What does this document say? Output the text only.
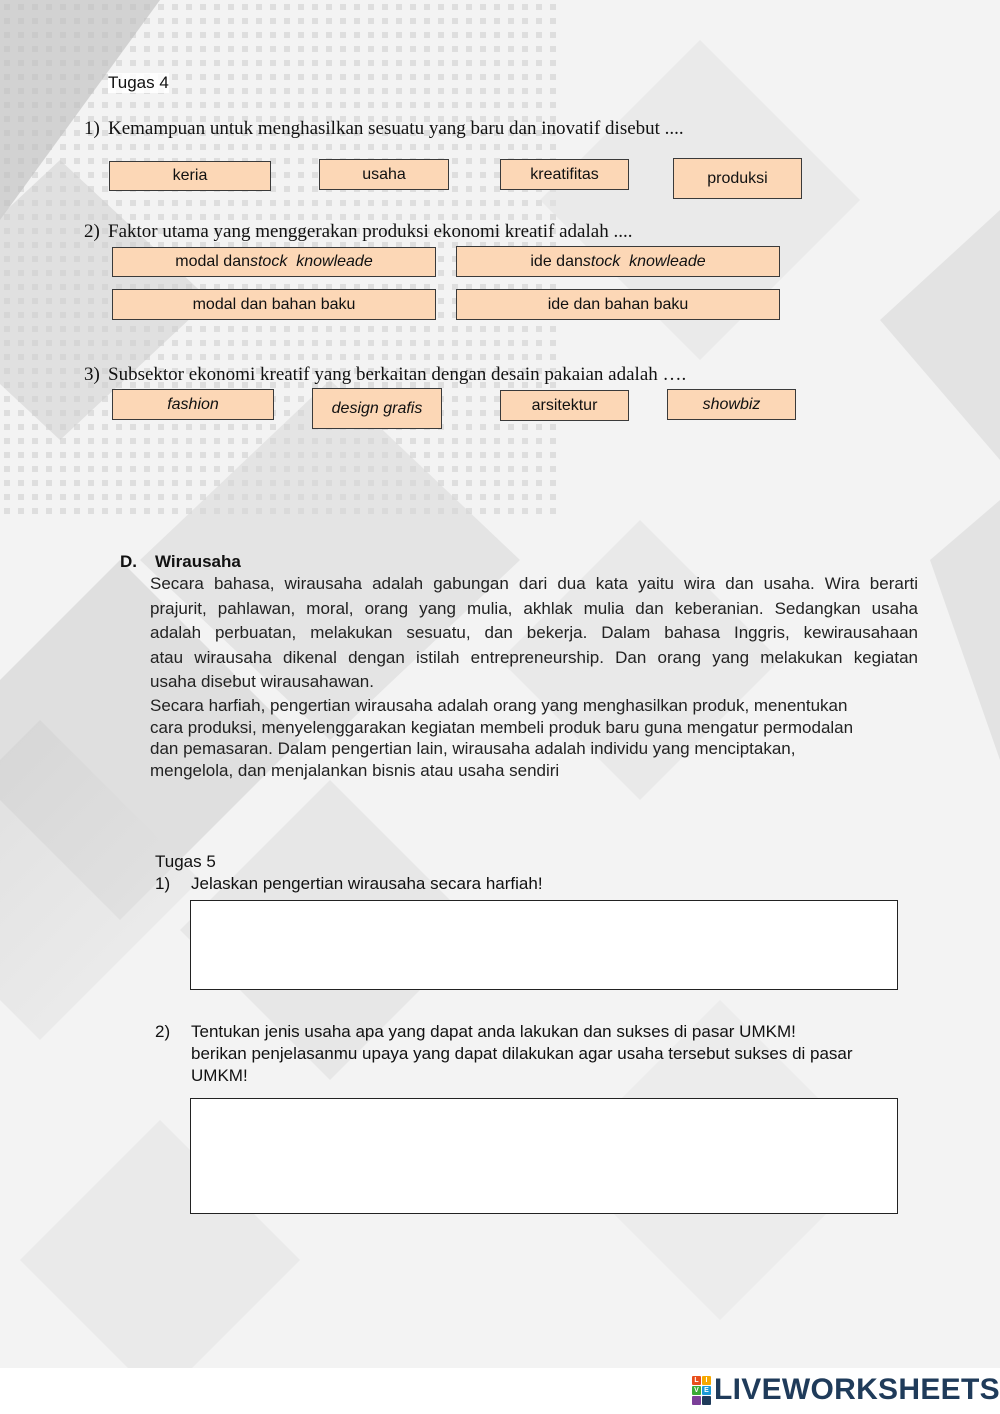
Tugas 4
1) Kemampuan untuk menghasilkan sesuatu yang baru dan inovatif disebut ....
keria	usaha	kreatifitas	produksi
2) Faktor utama yang menggerakan produksi ekonomi kreatif adalah ....
modal dan stock  knowleade	ide dan stock  knowleade
modal dan bahan baku	ide dan bahan baku
3) Subsektor ekonomi kreatif yang berkaitan dengan desain pakaian adalah ….
fashion	design grafis	arsitektur	showbiz
D. Wirausaha
Secara bahasa, wirausaha adalah gabungan dari dua kata yaitu wira dan usaha. Wira berarti
prajurit, pahlawan, moral, orang yang mulia, akhlak mulia dan keberanian. Sedangkan usaha
adalah perbuatan, melakukan sesuatu, dan bekerja. Dalam bahasa Inggris, kewirausahaan
atau wirausaha dikenal dengan istilah entrepreneurship. Dan orang yang melakukan kegiatan
usaha disebut wirausahawan.
Secara harfiah, pengertian wirausaha adalah orang yang menghasilkan produk, menentukan
cara produksi, menyelenggarakan kegiatan membeli produk baru guna mengatur permodalan
dan pemasaran. Dalam pengertian lain, wirausaha adalah individu yang menciptakan,
mengelola, dan menjalankan bisnis atau usaha sendiri
Tugas 5
1) Jelaskan pengertian wirausaha secara harfiah!
2) Tentukan jenis usaha apa yang dapat anda lakukan dan sukses di pasar UMKM!
berikan penjelasanmu upaya yang dapat dilakukan agar usaha tersebut sukses di pasar
UMKM!
L I
V E LIVEWORKSHEETS
